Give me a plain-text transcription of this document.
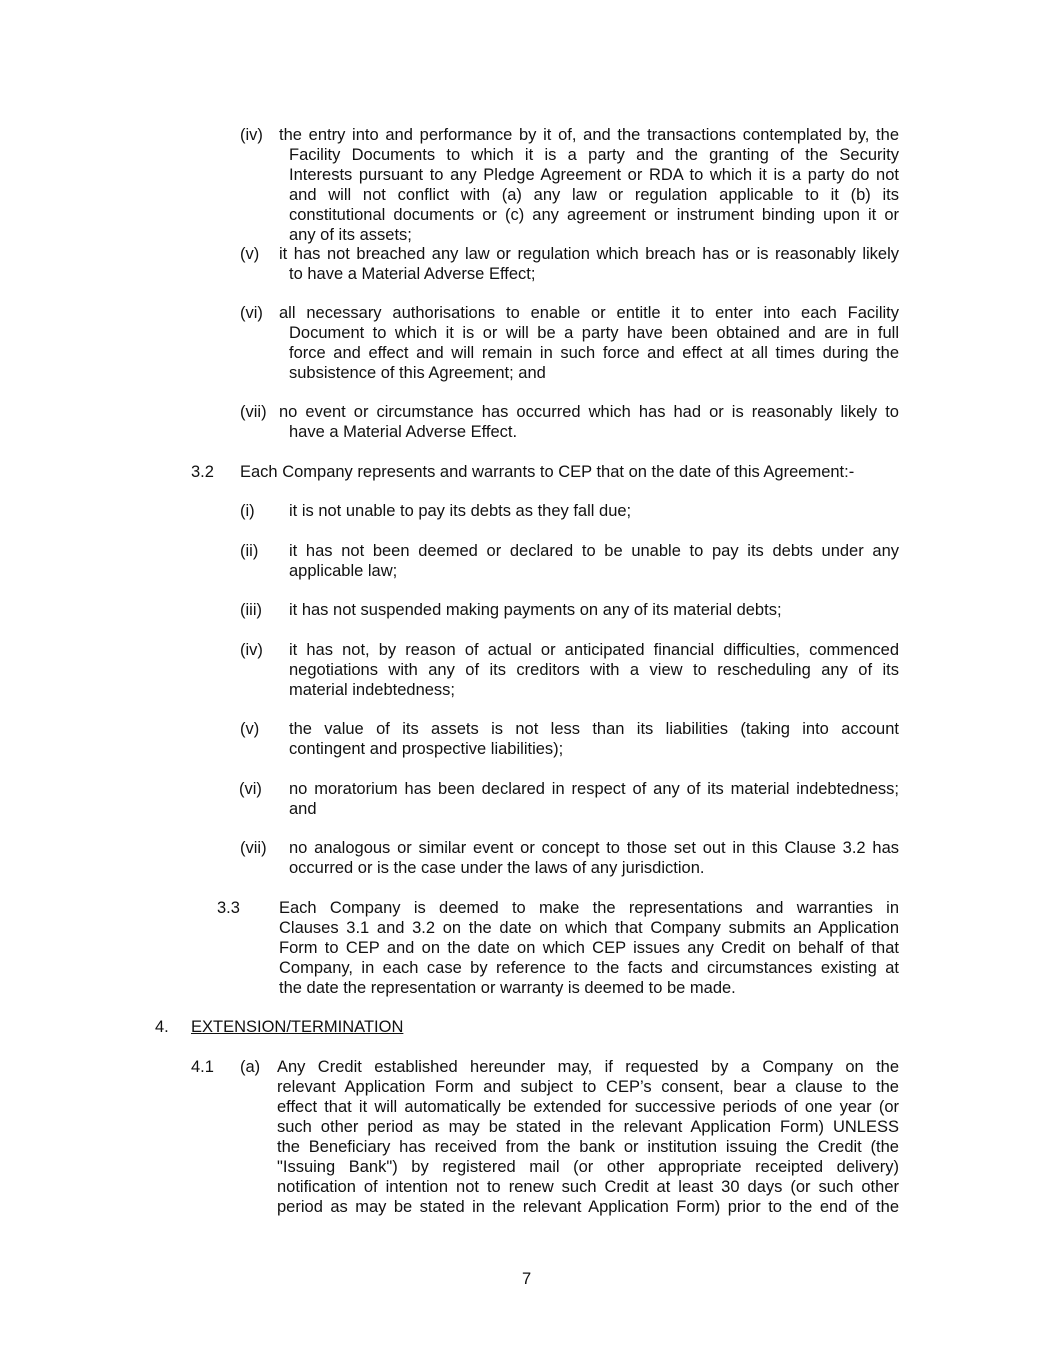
(iv) the entry into and performance by it of, and the transactions contemplated by, the
Facility Documents to which it is a party and the granting of the Security
Interests pursuant to any Pledge Agreement or RDA to which it is a party do not
and will not conflict with (a) any law or regulation applicable to it (b) its
constitutional documents or (c) any agreement or instrument binding upon it or
any of its assets;
(v) it has not breached any law or regulation which breach has or is reasonably likely
to have a Material Adverse Effect;
(vi) all necessary authorisations to enable or entitle it to enter into each Facility
Document to which it is or will be a party have been obtained and are in full
force and effect and will remain in such force and effect at all times during the
subsistence of this Agreement; and
(vii) no event or circumstance has occurred which has had or is reasonably likely to
have a Material Adverse Effect.
3.2 Each Company represents and warrants to CEP that on the date of this Agreement:-
(i) it is not unable to pay its debts as they fall due;
(ii) it has not been deemed or declared to be unable to pay its debts under any
applicable law;
(iii) it has not suspended making payments on any of its material debts;
(iv) it has not, by reason of actual or anticipated financial difficulties, commenced
negotiations with any of its creditors with a view to rescheduling any of its
material indebtedness;
(v) the value of its assets is not less than its liabilities (taking into account
contingent and prospective liabilities);
(vi) no moratorium has been declared in respect of any of its material indebtedness;
and
(vii) no analogous or similar event or concept to those set out in this Clause 3.2 has
occurred or is the case under the laws of any jurisdiction.
3.3 Each Company is deemed to make the representations and warranties in
Clauses 3.1 and 3.2 on the date on which that Company submits an Application
Form to CEP and on the date on which CEP issues any Credit on behalf of that
Company, in each case by reference to the facts and circumstances existing at
the date the representation or warranty is deemed to be made.
4. EXTENSION/TERMINATION
4.1 (a) Any Credit established hereunder may, if requested by a Company on the
relevant Application Form and subject to CEP’s consent, bear a clause to the
effect that it will automatically be extended for successive periods of one year (or
such other period as may be stated in the relevant Application Form) UNLESS
the Beneficiary has received from the bank or institution issuing the Credit (the
"Issuing Bank") by registered mail (or other appropriate receipted delivery)
notification of intention not to renew such Credit at least 30 days (or such other
period as may be stated in the relevant Application Form) prior to the end of the
7
